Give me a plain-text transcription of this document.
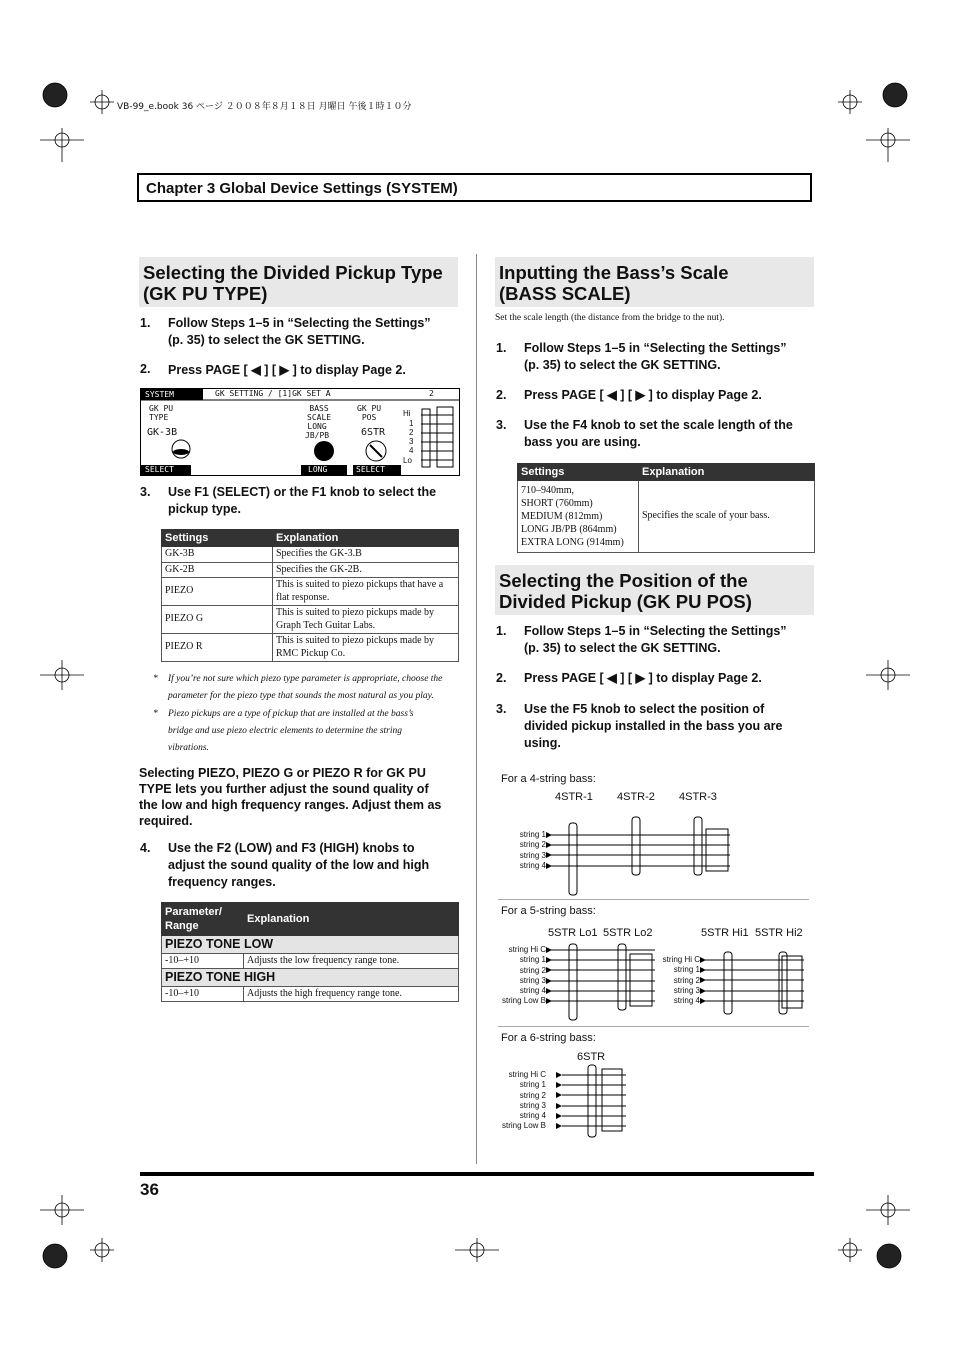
VB-99_e.book 36 ページ ２００８年８月１８日 月曜日 午後１時１０分
Chapter 3 Global Device Settings (SYSTEM)
Selecting the Divided Pickup Type
(GK PU TYPE)
1. Follow Steps 1–5 in “Selecting the Settings”
(p. 35) to select the GK SETTING.
2. Press PAGE [ ◀ ] [ ▶ ] to display Page 2.
SYSTEM	GK SETTING / [1]GK SET A	2
GK PU
TYPE
GK-3B
BASS
SCALE
LONG
JB/PB
GK PU
POS
6STR
Hi
1
2
3
4
Lo
SELECT	LONG	SELECT
3. Use F1 (SELECT) or the F1 knob to select the
pickup type.
Settings	Explanation
GK-3B	Specifies the GK-3.B
GK-2B	Specifies the GK-2B.
PIEZO	This is suited to piezo pickups that have a flat response.
PIEZO G	This is suited to piezo pickups made by Graph Tech Guitar Labs.
PIEZO R	This is suited to piezo pickups made by RMC Pickup Co.
* If you’re not sure which piezo type parameter is appropriate, choose the
parameter for the piezo type that sounds the most natural as you play.
* Piezo pickups are a type of pickup that are installed at the bass’s
bridge and use piezo electric elements to determine the string
vibrations.
Selecting PIEZO, PIEZO G or PIEZO R for GK PU
TYPE lets you further adjust the sound quality of
the low and high frequency ranges. Adjust them as
required.
4. Use the F2 (LOW) and F3 (HIGH) knobs to
adjust the sound quality of the low and high
frequency ranges.
Parameter/
Range	Explanation
PIEZO TONE LOW	
-10–+10	Adjusts the low frequency range tone.
PIEZO TONE HIGH	
-10–+10	Adjusts the high frequency range tone.
Inputting the Bass’s Scale
(BASS SCALE)
Set the scale length (the distance from the bridge to the nut).
1. Follow Steps 1–5 in “Selecting the Settings”
(p. 35) to select the GK SETTING.
2. Press PAGE [ ◀ ] [ ▶ ] to display Page 2.
3. Use the F4 knob to set the scale length of the
bass you are using.
Settings	Explanation

710–940mm,
SHORT (760mm)
MEDIUM (812mm)
LONG JB/PB (864mm)
EXTRA LONG (914mm)	Specifies the scale of your bass.
Selecting the Position of the
Divided Pickup (GK PU POS)
1. Follow Steps 1–5 in “Selecting the Settings”
(p. 35) to select the GK SETTING.
2. Press PAGE [ ◀ ] [ ▶ ] to display Page 2.
3. Use the F5 knob to select the position of
divided pickup installed in the bass you are
using.
For a 4-string bass:
4STR-1 4STR-2 4STR-3
string 1
string 2
string 3
string 4
For a 5-string bass:
5STR Lo1 5STR Lo2	5STR Hi1 5STR Hi2
string Hi C
string 1
string 2
string 3
string 4
string Low B
string Hi C
string 1
string 2
string 3
string 4
For a 6-string bass:
6STR
string Hi C
string 1
string 2
string 3
string 4
string Low B
36
